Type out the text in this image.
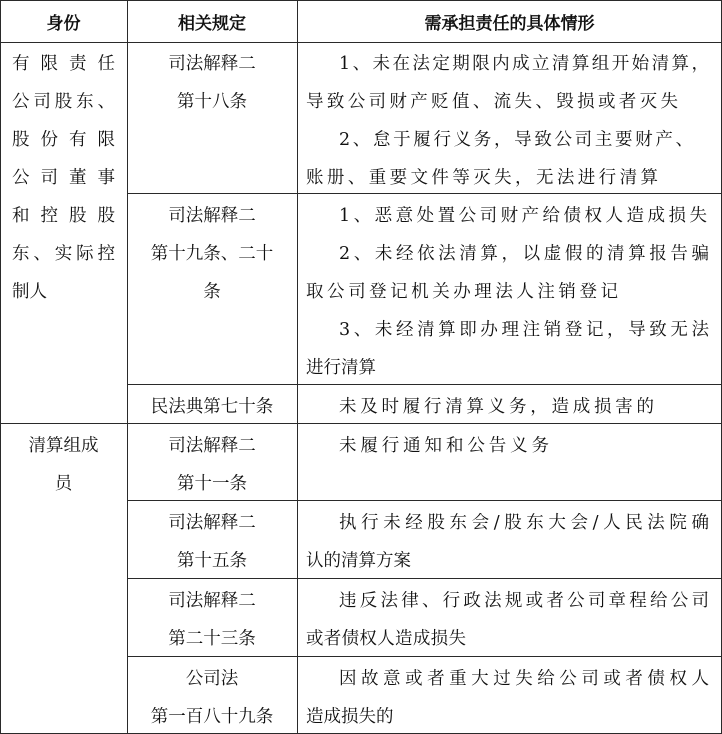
身份	相关规定	需承担责任的具体情形
有限责任
公司股东、
股份有限
公司董事
和控股股
东、实际控
制人
清算组成
员
司法解释二
第十八条
司法解释二
第十九条、二十
条
民法典第七十条
司法解释二
第十一条
司法解释二
第十五条
司法解释二
第二十三条
公司法
第一百八十九条
1、未在法定期限内成立清算组开始清算，
导致公司财产贬值、流失、毁损或者灭失
2、怠于履行义务，导致公司主要财产、
账册、重要文件等灭失，无法进行清算
1、恶意处置公司财产给债权人造成损失
2、未经依法清算，以虚假的清算报告骗
取公司登记机关办理法人注销登记
3、未经清算即办理注销登记，导致无法
进行清算
未及时履行清算义务，造成损害的
未履行通知和公告义务
执行未经股东会/股东大会/人民法院确
认的清算方案
违反法律、行政法规或者公司章程给公司
或者债权人造成损失
因故意或者重大过失给公司或者债权人
造成损失的
